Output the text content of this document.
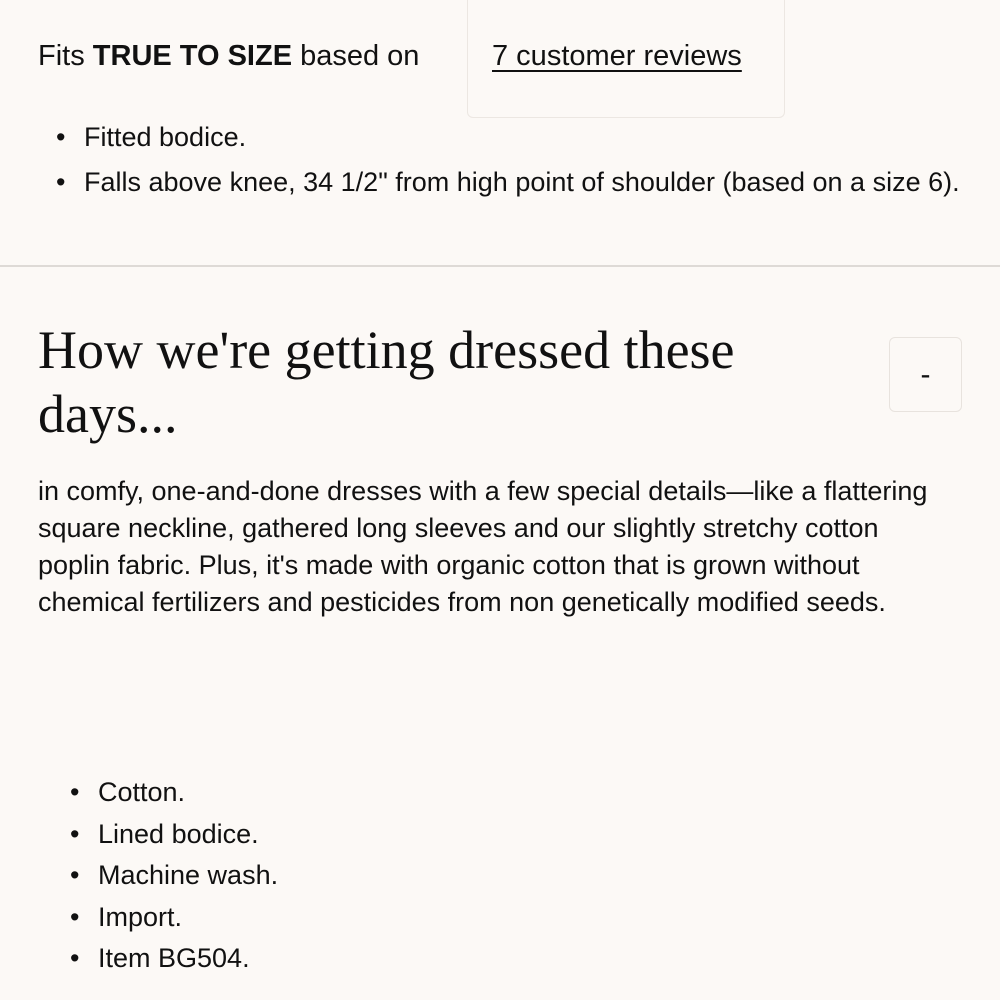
Fits TRUE TO SIZE based on	7 customer reviews
• Fitted bodice.
• Falls above knee, 34 1/2" from high point of shoulder (based on a size 6).
How we're getting dressed these days...
-

in comfy, one-and-done dresses with a few special details—like a flattering square neckline, gathered long sleeves and our slightly stretchy cotton poplin fabric. Plus, it's made with organic cotton that is grown without chemical fertilizers and pesticides from non genetically modified seeds.

• Cotton.
• Lined bodice.
• Machine wash.
• Import.
• Item BG504.
